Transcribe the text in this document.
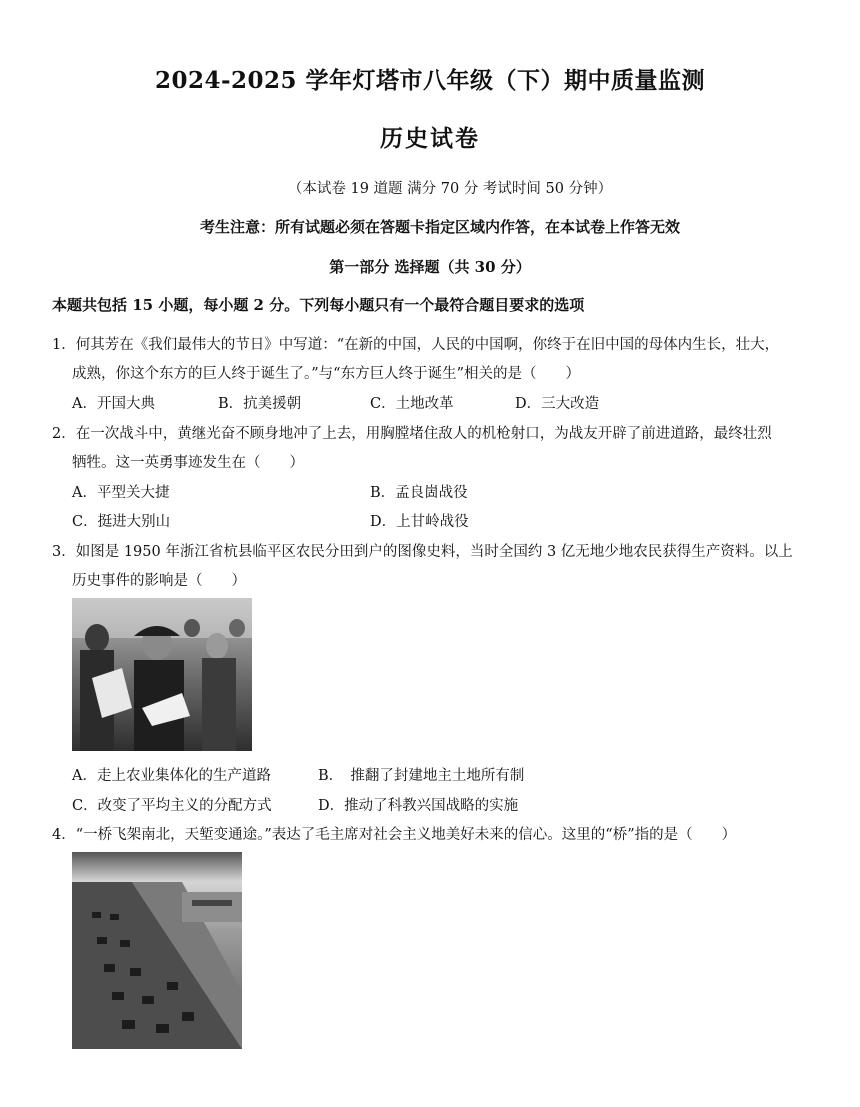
2024-2025 学年灯塔市八年级（下）期中质量监测
历史试卷
（本试卷 19 道题 满分 70 分 考试时间 50 分钟）
考生注意：所有试题必须在答题卡指定区域内作答，在本试卷上作答无效
第一部分 选择题（共 30 分）
本题共包括 15 小题，每小题 2 分。下列每小题只有一个最符合题目要求的选项
1．何其芳在《我们最伟大的节日》中写道：“在新的中国，人民的中国啊，你终于在旧中国的母体内生长，壮大，
成熟，你这个东方的巨人终于诞生了。”与“东方巨人终于诞生”相关的是（　　）
A．开国大典	B．抗美援朝	C．土地改革	D．三大改造
2．在一次战斗中，黄继光奋不顾身地冲了上去，用胸膛堵住敌人的机枪射口，为战友开辟了前进道路，最终壮烈
牺牲。这一英勇事迹发生在（　　）
A．平型关大捷	B．孟良崮战役
C．挺进大别山	D．上甘岭战役
3．如图是 1950 年浙江省杭县临平区农民分田到户的图像史料，当时全国约 3 亿无地少地农民获得生产资料。以上
历史事件的影响是（　　）
A．走上农业集体化的生产道路	B．　推翻了封建地主土地所有制
C．改变了平均主义的分配方式	D．推动了科教兴国战略的实施
4．“一桥飞架南北，天堑变通途。”表达了毛主席对社会主义地美好未来的信心。这里的“桥”指的是（　　）
